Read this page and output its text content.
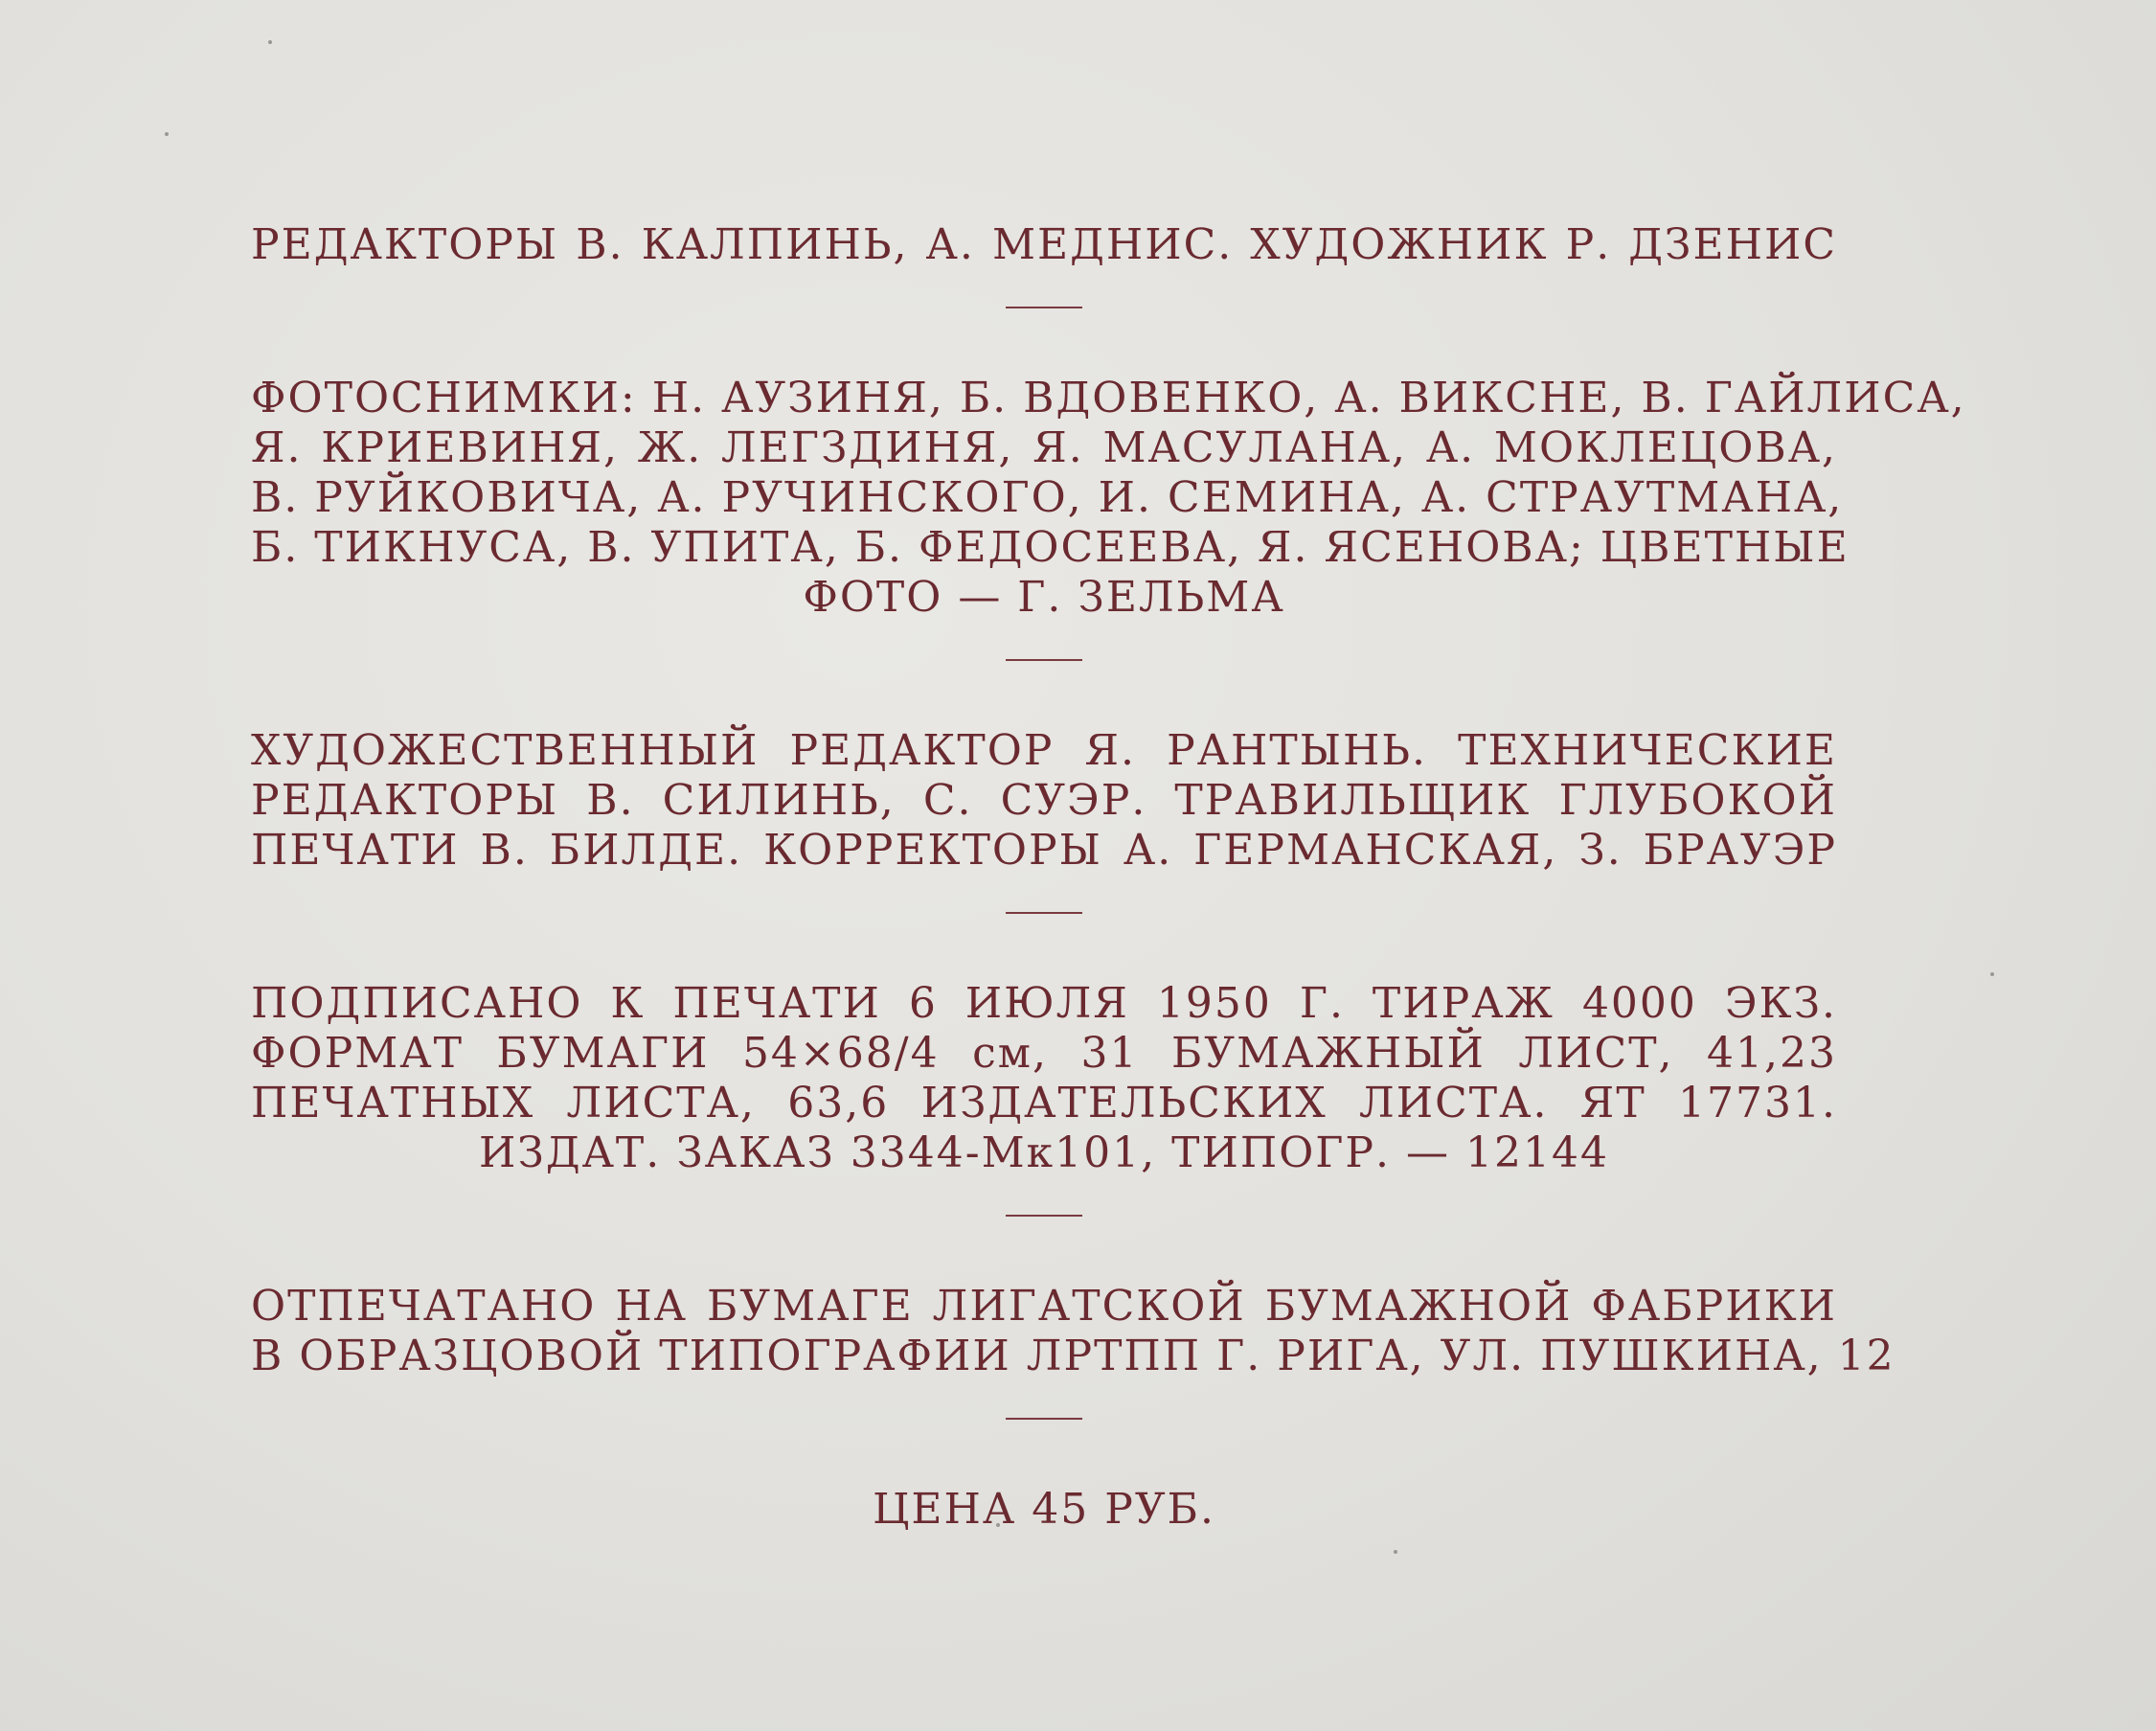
РЕДАКТОРЫ В. КАЛПИНЬ, А. МЕДНИС. ХУДОЖНИК Р. ДЗЕНИС
ФОТОСНИМКИ: Н. АУЗИНЯ, Б. ВДОВЕНКО, А. ВИКСНЕ, В. ГАЙЛИСА,
Я. КРИЕВИНЯ, Ж. ЛЕГЗДИНЯ, Я. МАСУЛАНА, А. МОКЛЕЦОВА,
В. РУЙКОВИЧА, А. РУЧИНСКОГО, И. СЕМИНА, А. СТРАУТМАНА,
Б. ТИКНУСА, В. УПИТА, Б. ФЕДОСЕЕВА, Я. ЯСЕНОВА; ЦВЕТНЫЕ
ФОТО — Г. ЗЕЛЬМА
ХУДОЖЕСТВЕННЫЙ РЕДАКТОР Я. РАНТЫНЬ. ТЕХНИЧЕСКИЕ
РЕДАКТОРЫ В. СИЛИНЬ, С. СУЭР. ТРАВИЛЬЩИК ГЛУБОКОЙ
ПЕЧАТИ В. БИЛДЕ. КОРРЕКТОРЫ А. ГЕРМАНСКАЯ, З. БРАУЭР
ПОДПИСАНО К ПЕЧАТИ 6 ИЮЛЯ 1950 Г. ТИРАЖ 4000 ЭКЗ.
ФОРМАТ БУМАГИ 54×68/4 см, 31 БУМАЖНЫЙ ЛИСТ, 41,23
ПЕЧАТНЫХ ЛИСТА, 63,6 ИЗДАТЕЛЬСКИХ ЛИСТА. ЯТ 17731.
ИЗДАТ. ЗАКАЗ 3344-Мк101, ТИПОГР. — 12144
ОТПЕЧАТАНО НА БУМАГЕ ЛИГАТСКОЙ БУМАЖНОЙ ФАБРИКИ
В ОБРАЗЦОВОЙ ТИПОГРАФИИ ЛРТПП Г. РИГА, УЛ. ПУШКИНА, 12
ЦЕНА 45 РУБ.
